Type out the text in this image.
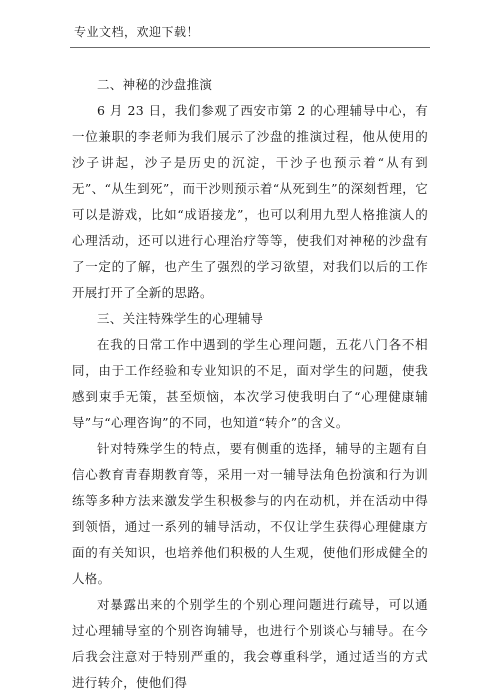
专业文档，欢迎下载！

二、神秘的沙盘推演

6 月 23 日，我们参观了西安市第 2 的心理辅导中心，有一位兼职的李老师为我们展示了沙盘的推演过程，他从使用的沙子讲起，沙子是历史的沉淀，干沙子也预示着“从有到无”、“从生到死”，而干沙则预示着“从死到生”的深刻哲理，它可以是游戏，比如“成语接龙”，也可以利用九型人格推演人的心理活动，还可以进行心理治疗等等，使我们对神秘的沙盘有了一定的了解，也产生了强烈的学习欲望，对我们以后的工作开展打开了全新的思路。

三、关注特殊学生的心理辅导

在我的日常工作中遇到的学生心理问题，五花八门各不相同，由于工作经验和专业知识的不足，面对学生的问题，使我感到束手无策，甚至烦恼，本次学习使我明白了“心理健康辅导”与“心理咨询”的不同，也知道“转介”的含义。

针对特殊学生的特点，要有侧重的选择，辅导的主题有自信心教育青春期教育等，采用一对一辅导法角色扮演和行为训练等多种方法来激发学生积极参与的内在动机，并在活动中得到领悟，通过一系列的辅导活动，不仅让学生获得心理健康方面的有关知识，也培养他们积极的人生观，使他们形成健全的人格。

对暴露出来的个别学生的个别心理问题进行疏导，可以通过心理辅导室的个别咨询辅导，也进行个别谈心与辅导。在今后我会注意对于特别严重的，我会尊重科学，通过适当的方式进行转介，使他们得
